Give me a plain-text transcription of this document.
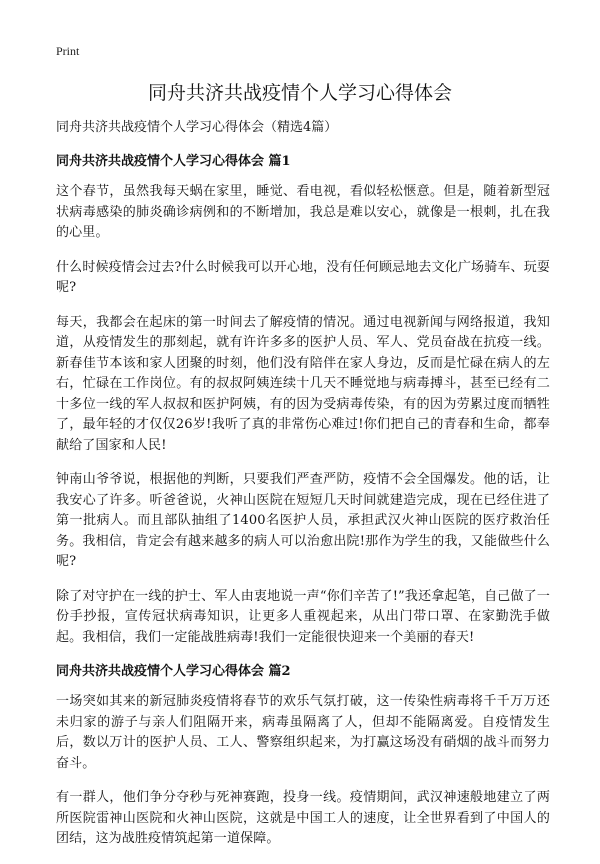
Print
同舟共济共战疫情个人学习心得体会

同舟共济共战疫情个人学习心得体会（精选4篇）

同舟共济共战疫情个人学习心得体会 篇1

这个春节，虽然我每天蜗在家里，睡觉、看电视，看似轻松惬意。但是，随着新型冠状病毒感染的肺炎确诊病例和的不断增加，我总是难以安心，就像是一根刺，扎在我的心里。

什么时候疫情会过去?什么时候我可以开心地，没有任何顾忌地去文化广场骑车、玩耍呢?

每天，我都会在起床的第一时间去了解疫情的情况。通过电视新闻与网络报道，我知道，从疫情发生的那刻起，就有许许多多的医护人员、军人、党员奋战在抗疫一线。新春佳节本该和家人团聚的时刻，他们没有陪伴在家人身边，反而是忙碌在病人的左右，忙碌在工作岗位。有的叔叔阿姨连续十几天不睡觉地与病毒搏斗，甚至已经有二十多位一线的军人叔叔和医护阿姨，有的因为受病毒传染，有的因为劳累过度而牺牲了，最年轻的才仅仅26岁!我听了真的非常伤心难过!你们把自己的青春和生命，都奉献给了国家和人民!

钟南山爷爷说，根据他的判断，只要我们严查严防，疫情不会全国爆发。他的话，让我安心了许多。听爸爸说，火神山医院在短短几天时间就建造完成，现在已经住进了第一批病人。而且部队抽组了1400名医护人员，承担武汉火神山医院的医疗救治任务。我相信，肯定会有越来越多的病人可以治愈出院!那作为学生的我，又能做些什么呢?

除了对守护在一线的护士、军人由衷地说一声“你们辛苦了!”我还拿起笔，自己做了一份手抄报，宣传冠状病毒知识，让更多人重视起来，从出门带口罩、在家勤洗手做起。我相信，我们一定能战胜病毒!我们一定能很快迎来一个美丽的春天!

同舟共济共战疫情个人学习心得体会 篇2

一场突如其来的新冠肺炎疫情将春节的欢乐气氛打破，这一传染性病毒将千千万万还未归家的游子与亲人们阻隔开来，病毒虽隔离了人，但却不能隔离爱。自疫情发生后，数以万计的医护人员、工人、警察组织起来，为打赢这场没有硝烟的战斗而努力奋斗。

有一群人，他们争分夺秒与死神赛跑，投身一线。疫情期间，武汉神速般地建立了两所医院雷神山医院和火神山医院，这就是中国工人的速度，让全世界看到了中国人的团结，这为战胜疫情筑起第一道保障。
